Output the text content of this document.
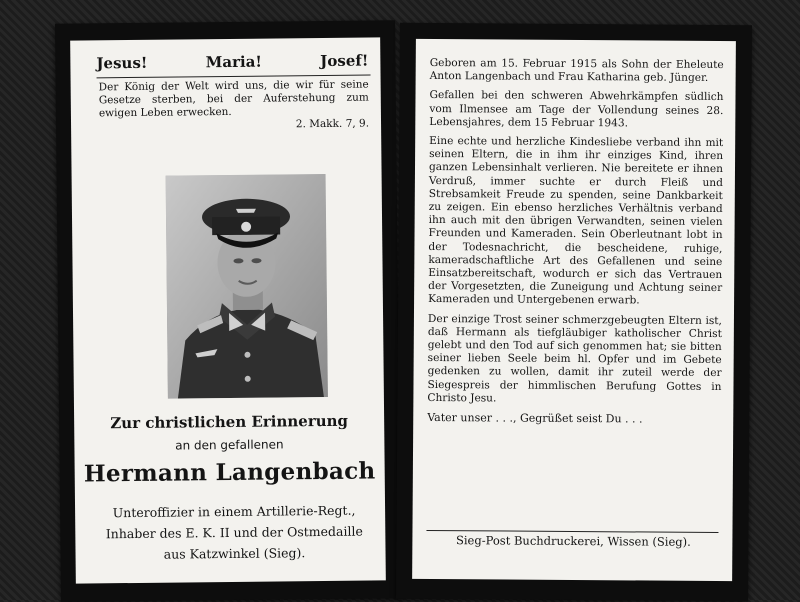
Jesus!	Maria!	Josef!
Der König der Welt wird uns, die wir für seine Gesetze sterben, bei der Auferstehung zum ewigen Leben erwecken.
2. Makk. 7, 9.
Zur christlichen Erinnerung
an den gefallenen
Hermann Langenbach
Unteroffizier in einem Artillerie-Regt.,
Inhaber des E. K. II und der Ostmedaille
aus Katzwinkel (Sieg).

Geboren am 15. Februar 1915 als Sohn der Eheleute Anton Langenbach und Frau Katharina geb. Jünger.

Gefallen bei den schweren Abwehrkämpfen südlich vom Ilmensee am Tage der Vollendung seines 28. Lebensjahres, dem 15 Februar 1943.

Eine echte und herzliche Kindesliebe verband ihn mit seinen Eltern, die in ihm ihr einziges Kind, ihren ganzen Lebensinhalt verlieren. Nie bereitete er ihnen Verdruß, immer suchte er durch Fleiß und Strebsamkeit Freude zu spenden, seine Dankbarkeit zu zeigen. Ein ebenso herzliches Verhältnis verband ihn auch mit den übrigen Verwandten, seinen vielen Freunden und Kameraden. Sein Oberleutnant lobt in der Todesnachricht, die bescheidene, ruhige, kameradschaftliche Art des Gefallenen und seine Einsatzbereitschaft, wodurch er sich das Vertrauen der Vorgesetzten, die Zuneigung und Achtung seiner Kameraden und Untergebenen erwarb.

Der einzige Trost seiner schmerzgebeugten Eltern ist, daß Hermann als tiefgläubiger katholischer Christ gelebt und den Tod auf sich genommen hat; sie bitten seiner lieben Seele beim hl. Opfer und im Gebete gedenken zu wollen, damit ihr zuteil werde der Siegespreis der himmlischen Berufung Gottes in Christo Jesu.

Vater unser . . ., Gegrüßet seist Du . . .

Sieg-Post Buchdruckerei, Wissen (Sieg).
